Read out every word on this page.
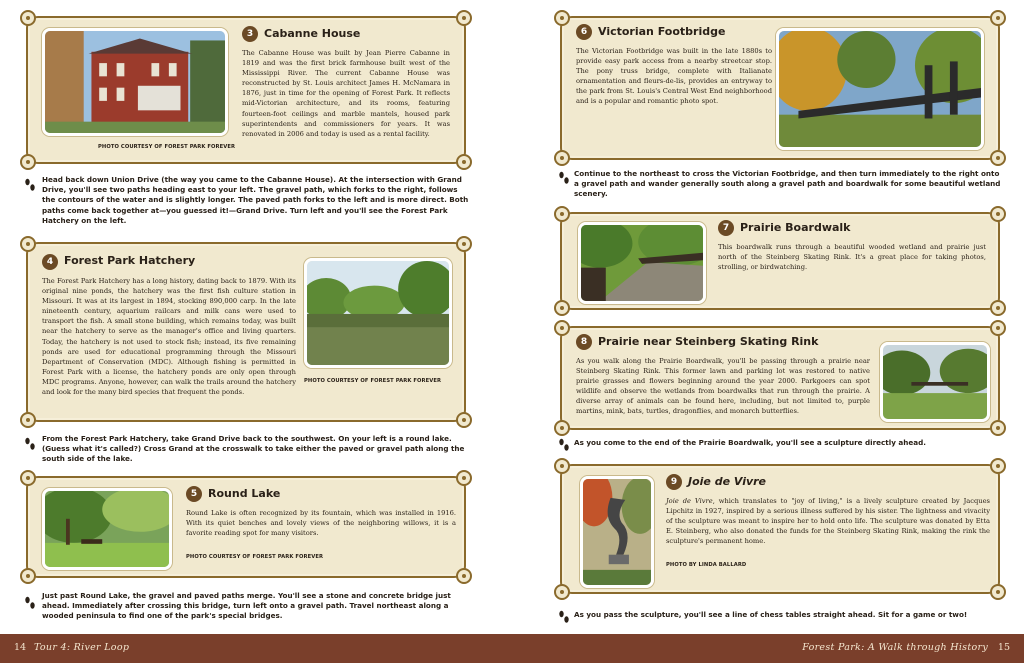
PHOTO COURTESY OF FOREST PARK FOREVER
3 Cabanne House
The Cabanne House was built by Jean Pierre Cabanne in 1819 and was the first brick farmhouse built west of the Mississippi River. The current Cabanne House was reconstructed by St. Louis architect James H. McNamara in 1876, just in time for the opening of Forest Park. It reflects mid-Victorian architecture, and its rooms, featuring fourteen-foot ceilings and marble mantels, housed park superintendents and commissioners for years. It was renovated in 2006 and today is used as a rental facility.
Head back down Union Drive (the way you came to the Cabanne House). At the intersection with Grand Drive, you'll see two paths heading east to your left. The gravel path, which forks to the right, follows the contours of the water and is slightly longer. The paved path forks to the left and is more direct. Both paths come back together at—you guessed it!—Grand Drive. Turn left and you'll see the Forest Park Hatchery on the left.
4 Forest Park Hatchery
The Forest Park Hatchery has a long history, dating back to 1879. With its original nine ponds, the hatchery was the first fish culture station in Missouri. It was at its largest in 1894, stocking 890,000 carp. In the late nineteenth century, aquarium railcars and milk cans were used to transport the fish. A small stone building, which remains today, was built near the hatchery to serve as the manager's office and living quarters. Today, the hatchery is not used to stock fish; instead, its five remaining ponds are used for educational programming through the Missouri Department of Conservation (MDC). Although fishing is permitted in Forest Park with a license, the hatchery ponds are only open through MDC programs. Anyone, however, can walk the trails around the hatchery and look for the many bird species that frequent the ponds.
PHOTO COURTESY OF FOREST PARK FOREVER
From the Forest Park Hatchery, take Grand Drive back to the southwest. On your left is a round lake. (Guess what it's called?) Cross Grand at the crosswalk to take either the paved or gravel path along the south side of the lake.
5 Round Lake
Round Lake is often recognized by its fountain, which was installed in 1916. With its quiet benches and lovely views of the neighboring willows, it is a favorite reading spot for many visitors.
PHOTO COURTESY OF FOREST PARK FOREVER
Just past Round Lake, the gravel and paved paths merge. You'll see a stone and concrete bridge just ahead. Immediately after crossing this bridge, turn left onto a gravel path. Travel northeast along a wooded peninsula to find one of the park's special bridges.
6 Victorian Footbridge
The Victorian Footbridge was built in the late 1880s to provide easy park access from a nearby streetcar stop. The pony truss bridge, complete with Italianate ornamentation and fleurs-de-lis, provides an entryway to the park from St. Louis's Central West End neighborhood and is a popular and romantic photo spot.
Continue to the northeast to cross the Victorian Footbridge, and then turn immediately to the right onto a gravel path and wander generally south along a gravel path and boardwalk for some beautiful wetland scenery.
7 Prairie Boardwalk
This boardwalk runs through a beautiful wooded wetland and prairie just north of the Steinberg Skating Rink. It's a great place for taking photos, strolling, or birdwatching.
8 Prairie near Steinberg Skating Rink
As you walk along the Prairie Boardwalk, you'll be passing through a prairie near Steinberg Skating Rink. This former lawn and parking lot was restored to native prairie grasses and flowers beginning around the year 2000. Parkgoers can spot wildlife and observe the wetlands from boardwalks that run through the prairie. A diverse array of animals can be found here, including, but not limited to, purple martins, mink, bats, turtles, dragonflies, and monarch butterflies.
As you come to the end of the Prairie Boardwalk, you'll see a sculpture directly ahead.
9 Joie de Vivre
Joie de Vivre, which translates to "joy of living," is a lively sculpture created by Jacques Lipchitz in 1927, inspired by a serious illness suffered by his sister. The lightness and vivacity of the sculpture was meant to inspire her to hold onto life. The sculpture was donated by Etta E. Steinberg, who also donated the funds for the Steinberg Skating Rink, making the rink the sculpture's permanent home.
PHOTO BY LINDA BALLARD
As you pass the sculpture, you'll see a line of chess tables straight ahead. Sit for a game or two!
14 Tour 4: River Loop	Forest Park: A Walk through History 15
